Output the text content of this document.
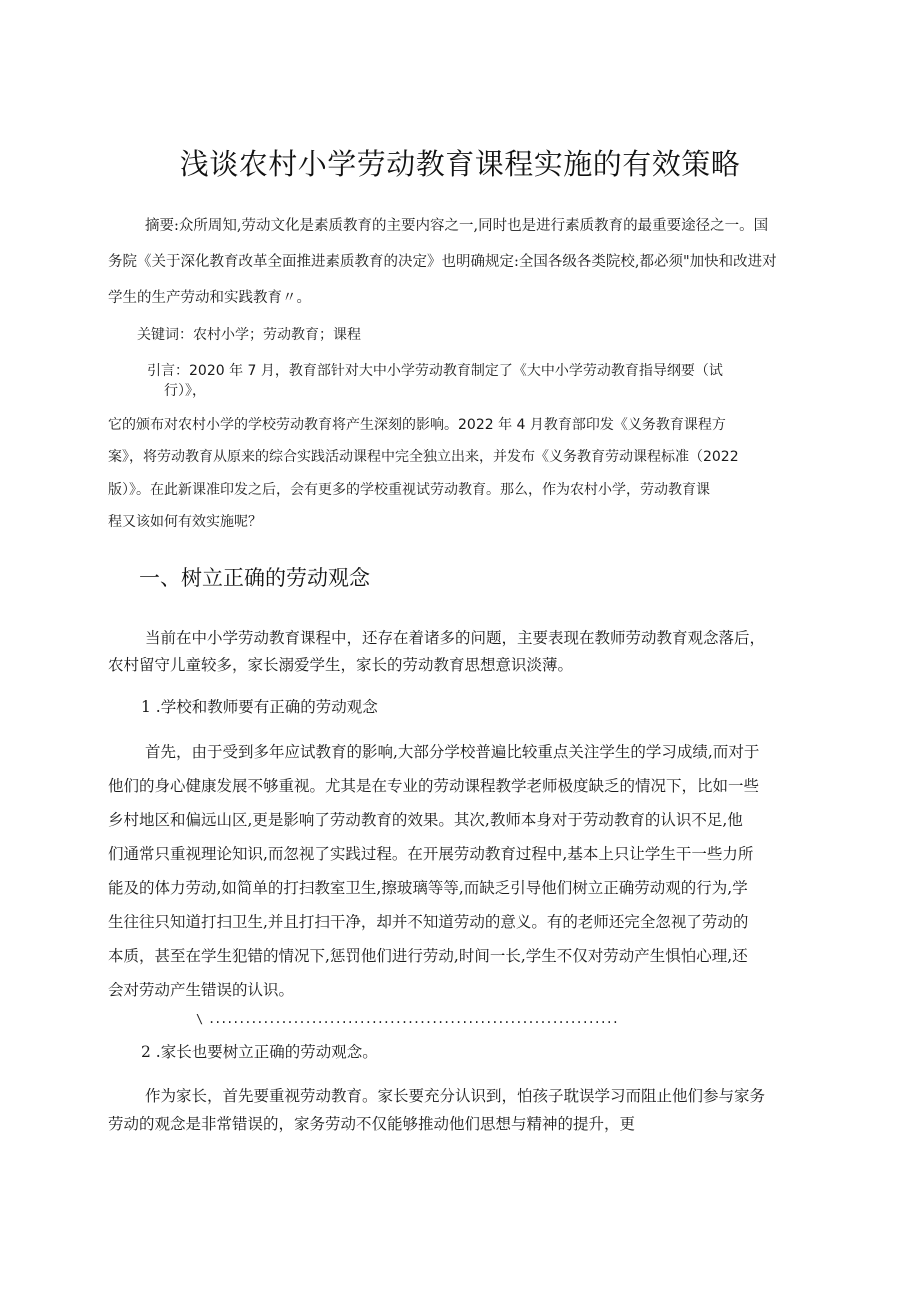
浅谈农村小学劳动教育课程实施的有效策略
摘要:众所周知,劳动文化是素质教育的主要内容之一,同时也是进行素质教育的最重要途径之一。国
务院《关于深化教育改革全面推进素质教育的决定》也明确规定:全国各级各类院校,都必须"加快和改进对
学生的生产劳动和实践教育〃。
关键词：农村小学；劳动教育；课程
引言：2020 年 7 月，教育部针对大中小学劳动教育制定了《大中小学劳动教育指导纲要（试
行）》，
它的颁布对农村小学的学校劳动教育将产生深刻的影响。2022 年 4 月教育部印发《义务教育课程方
案》，将劳动教育从原来的综合实践活动课程中完全独立出来，并发布《义务教育劳动课程标准（2022
版）》。在此新课准印发之后，会有更多的学校重视试劳动教育。那么，作为农村小学，劳动教育课
程又该如何有效实施呢？
一、树立正确的劳动观念
当前在中小学劳动教育课程中，还存在着诸多的问题，主要表现在教师劳动教育观念落后，
农村留守儿童较多，家长溺爱学生，家长的劳动教育思想意识淡薄。
1 .学校和教师要有正确的劳动观念
首先，由于受到多年应试教育的影响,大部分学校普遍比较重点关注学生的学习成绩,而对于
他们的身心健康发展不够重视。尤其是在专业的劳动课程教学老师极度缺乏的情况下，比如一些
乡村地区和偏远山区,更是影响了劳动教育的效果。其次,教师本身对于劳动教育的认识不足,他
们通常只重视理论知识,而忽视了实践过程。在开展劳动教育过程中,基本上只让学生干一些力所
能及的体力劳动,如简单的打扫教室卫生,擦玻璃等等,而缺乏引导他们树立正确劳动观的行为,学
生往往只知道打扫卫生,并且打扫干净，却并不知道劳动的意义。有的老师还完全忽视了劳动的
本质，甚至在学生犯错的情况下,惩罚他们进行劳动,时间一长,学生不仅对劳动产生惧怕心理,还
会对劳动产生错误的认识。
\ ....................................................................
2 .家长也要树立正确的劳动观念。
作为家长，首先要重视劳动教育。家长要充分认识到，怕孩子耽误学习而阻止他们参与家务
劳动的观念是非常错误的，家务劳动不仅能够推动他们思想与精神的提升，更
